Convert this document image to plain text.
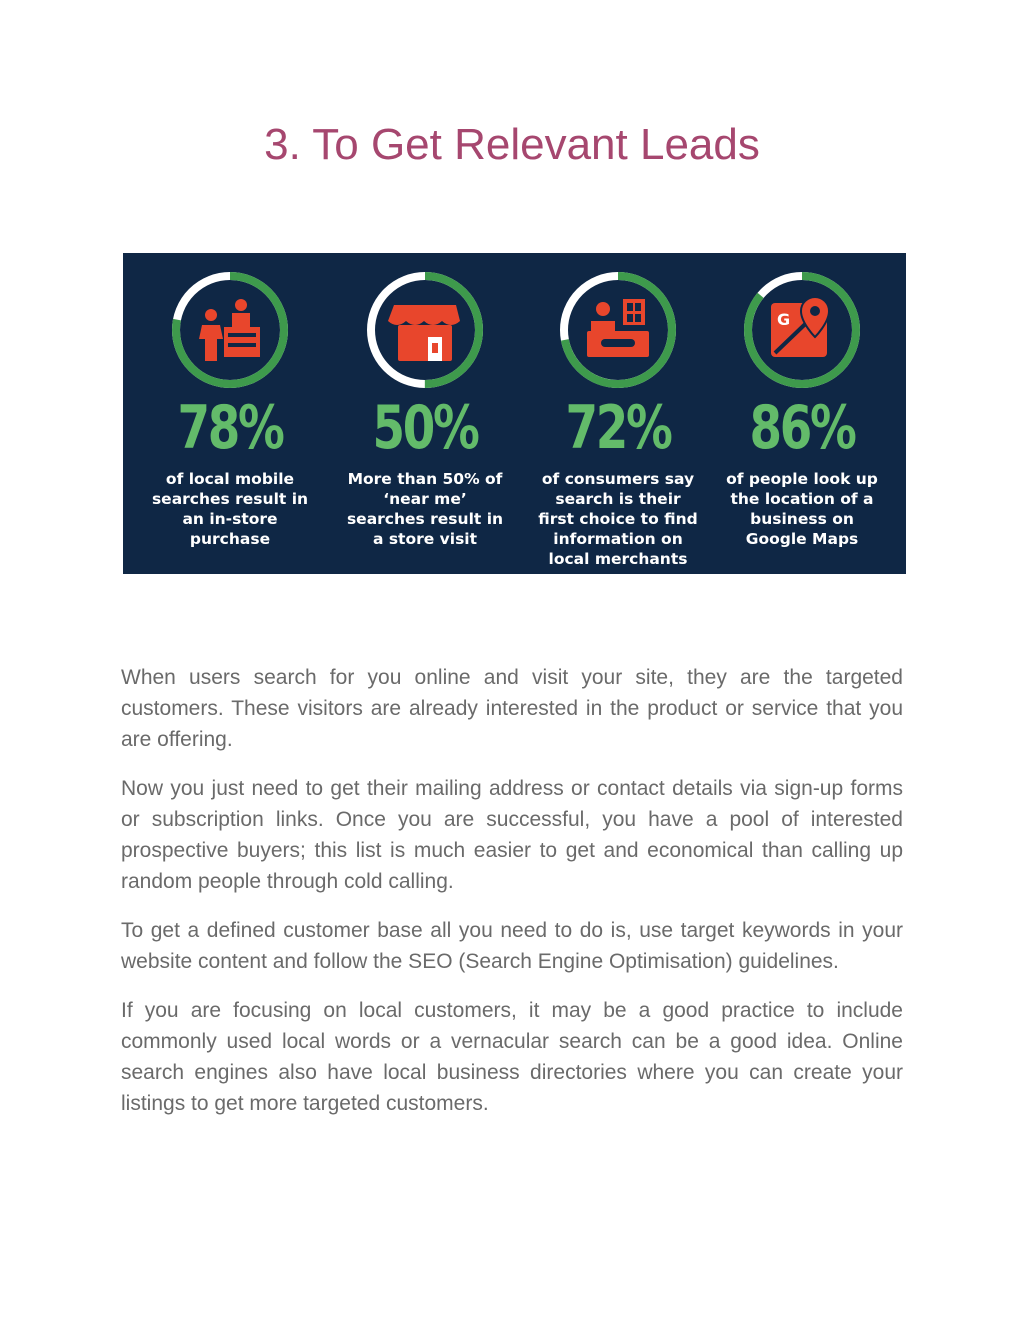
3. To Get Relevant Leads
78%
of local mobile
searches result in
an in-store
purchase
50%
More than 50% of
‘near me’
searches result in
a store visit
72%
of consumers say
search is their
first choice to find
information on
local merchants
G
86%
of people look up
the location of a
business on
Google Maps

When users search for you online and visit your site, they are the targeted customers. These visitors are already interested in the product or service that you are offering.

Now you just need to get their mailing address or contact details via sign-up forms or subscription links. Once you are successful, you have a pool of interested prospective buyers; this list is much easier to get and economical than calling up random people through cold calling.

To get a defined customer base all you need to do is, use target keywords in your website content and follow the SEO (Search Engine Optimisation) guidelines.

If you are focusing on local customers, it may be a good practice to include commonly used local words or a vernacular search can be a good idea. Online search engines also have local business directories where you can create your listings to get more targeted customers.
